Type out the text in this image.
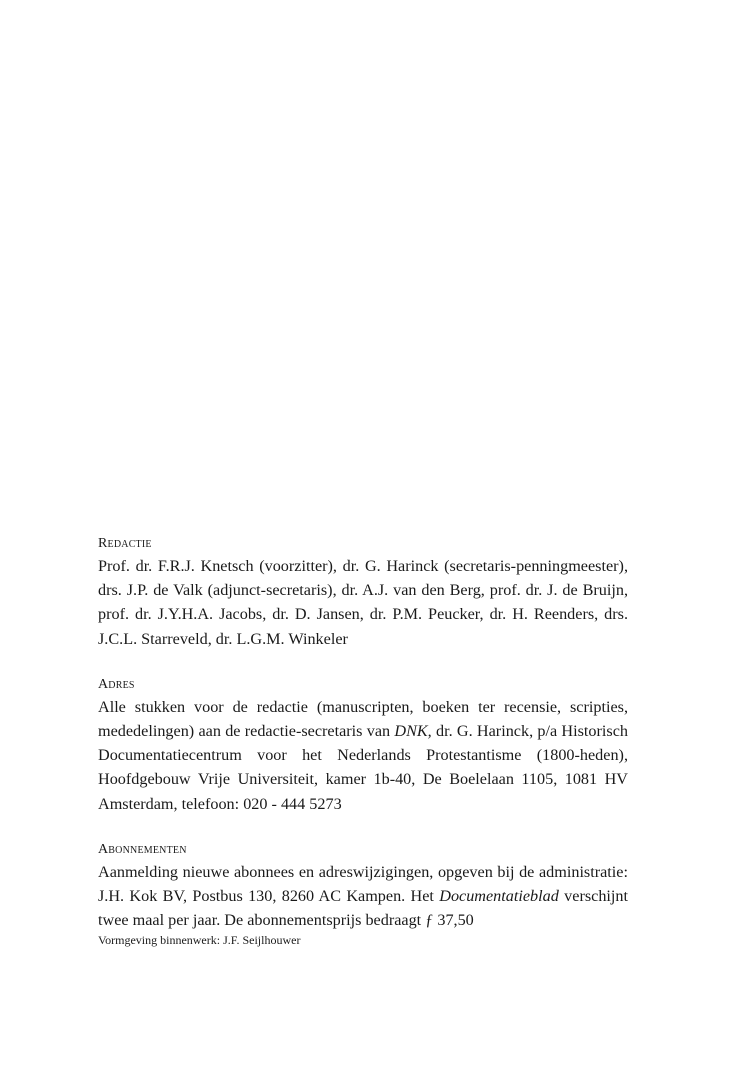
Redactie

Prof. dr. F.R.J. Knetsch (voorzitter), dr. G. Harinck (secretaris-penningmeester), drs. J.P. de Valk (adjunct-secretaris), dr. A.J. van den Berg, prof. dr. J. de Bruijn, prof. dr. J.Y.H.A. Jacobs, dr. D. Jansen, dr. P.M. Peucker, dr. H. Reenders, drs. J.C.L. Starreveld, dr. L.G.M. Winkeler

Adres

Alle stukken voor de redactie (manuscripten, boeken ter recensie, scripties, mededelingen) aan de redactie-secretaris van DNK, dr. G. Harinck, p/a Historisch Documentatiecentrum voor het Nederlands Protestantisme (1800-heden), Hoofdgebouw Vrije Universiteit, kamer 1b-40, De Boelelaan 1105, 1081 HV Amsterdam, telefoon: 020 - 444 5273

Abonnementen

Aanmelding nieuwe abonnees en adreswijzigingen, opgeven bij de administratie: J.H. Kok BV, Postbus 130, 8260 AC Kampen. Het Documentatieblad verschijnt twee maal per jaar. De abonnementsprijs bedraagt ƒ 37,50

Vormgeving binnenwerk: J.F. Seijlhouwer
